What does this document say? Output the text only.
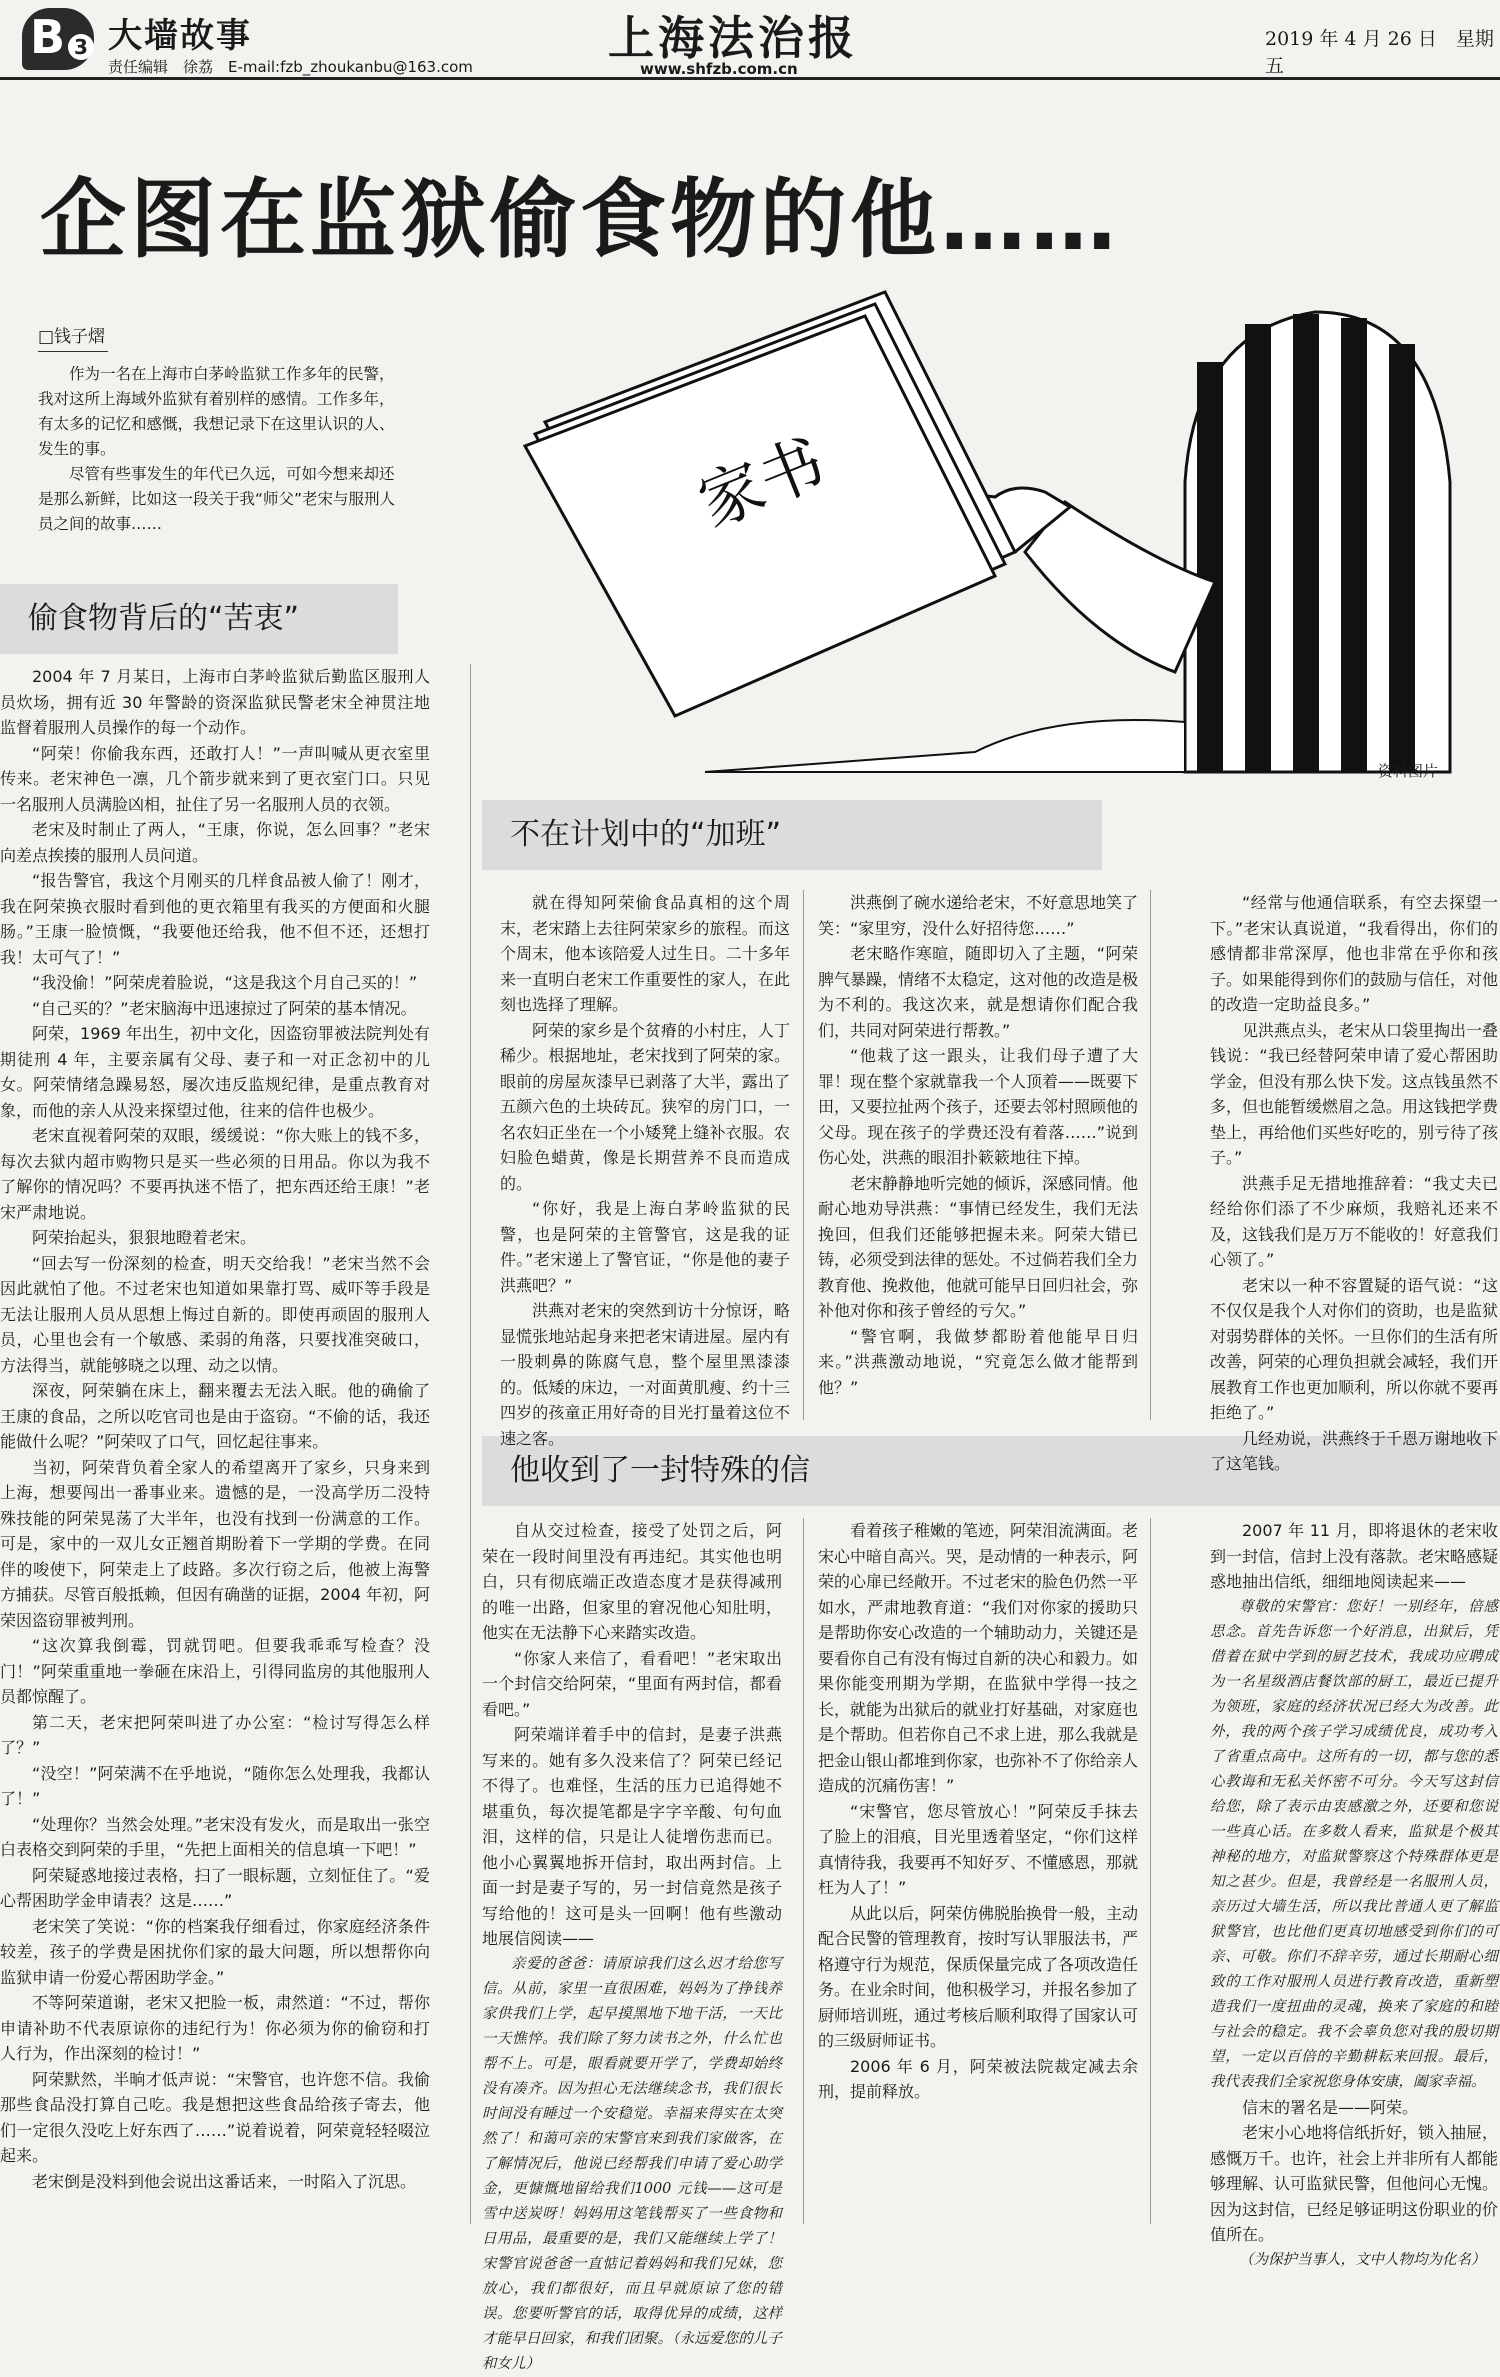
B 3 大墙故事
责任编辑　徐荔　E-mail:fzb_zhoukanbu@163.com
上海法治报
www.shfzb.com.cn
2019 年 4 月 26 日　星期五
企图在监狱偷食物的他……
□钱子熠

作为一名在上海市白茅岭监狱工作多年的民警，我对这所上海域外监狱有着别样的感情。工作多年，有太多的记忆和感慨，我想记录下在这里认识的人、发生的事。

尽管有些事发生的年代已久远，可如今想来却还是那么新鲜，比如这一段关于我“师父”老宋与服刑人员之间的故事……	家书
资料图片
偷食物背后的“苦衷”
不在计划中的“加班”
他收到了一封特殊的信

2004 年 7 月某日，上海市白茅岭监狱后勤监区服刑人员炊场，拥有近 30 年警龄的资深监狱民警老宋全神贯注地监督着服刑人员操作的每一个动作。

“阿荣！你偷我东西，还敢打人！”一声叫喊从更衣室里传来。老宋神色一凛，几个箭步就来到了更衣室门口。只见一名服刑人员满脸凶相，扯住了另一名服刑人员的衣领。

老宋及时制止了两人，“王康，你说，怎么回事？”老宋向差点挨揍的服刑人员问道。

“报告警官，我这个月刚买的几样食品被人偷了！刚才，我在阿荣换衣服时看到他的更衣箱里有我买的方便面和火腿肠。”王康一脸愤慨，“我要他还给我，他不但不还，还想打我！太可气了！”

“我没偷！”阿荣虎着脸说，“这是我这个月自己买的！”

“自己买的？”老宋脑海中迅速掠过了阿荣的基本情况。

阿荣，1969 年出生，初中文化，因盗窃罪被法院判处有期徒刑 4 年，主要亲属有父母、妻子和一对正念初中的儿女。阿荣情绪急躁易怒，屡次违反监规纪律，是重点教育对象，而他的亲人从没来探望过他，往来的信件也极少。

老宋直视着阿荣的双眼，缓缓说：“你大账上的钱不多，每次去狱内超市购物只是买一些必须的日用品。你以为我不了解你的情况吗？不要再执迷不悟了，把东西还给王康！”老宋严肃地说。

阿荣抬起头，狠狠地瞪着老宋。

“回去写一份深刻的检查，明天交给我！”老宋当然不会因此就怕了他。不过老宋也知道如果靠打骂、威吓等手段是无法让服刑人员从思想上悔过自新的。即使再顽固的服刑人员，心里也会有一个敏感、柔弱的角落，只要找准突破口，方法得当，就能够晓之以理、动之以情。

深夜，阿荣躺在床上，翻来覆去无法入眠。他的确偷了王康的食品，之所以吃官司也是由于盗窃。“不偷的话，我还能做什么呢？”阿荣叹了口气，回忆起往事来。

当初，阿荣背负着全家人的希望离开了家乡，只身来到上海，想要闯出一番事业来。遗憾的是，一没高学历二没特殊技能的阿荣晃荡了大半年，也没有找到一份满意的工作。可是，家中的一双儿女正翘首期盼着下一学期的学费。在同伴的唆使下，阿荣走上了歧路。多次行窃之后，他被上海警方捕获。尽管百般抵赖，但因有确凿的证据，2004 年初，阿荣因盗窃罪被判刑。

“这次算我倒霉，罚就罚吧。但要我乖乖写检查？没门！”阿荣重重地一拳砸在床沿上，引得同监房的其他服刑人员都惊醒了。

第二天，老宋把阿荣叫进了办公室：“检讨写得怎么样了？”

“没空！”阿荣满不在乎地说，“随你怎么处理我，我都认了！”

“处理你？当然会处理。”老宋没有发火，而是取出一张空白表格交到阿荣的手里，“先把上面相关的信息填一下吧！”

阿荣疑惑地接过表格，扫了一眼标题，立刻怔住了。“爱心帮困助学金申请表？这是……”

老宋笑了笑说：“你的档案我仔细看过，你家庭经济条件较差，孩子的学费是困扰你们家的最大问题，所以想帮你向监狱申请一份爱心帮困助学金。”

不等阿荣道谢，老宋又把脸一板，肃然道：“不过，帮你申请补助不代表原谅你的违纪行为！你必须为你的偷窃和打人行为，作出深刻的检讨！”

阿荣默然，半晌才低声说：“宋警官，也许您不信。我偷那些食品没打算自己吃。我是想把这些食品给孩子寄去，他们一定很久没吃上好东西了……”说着说着，阿荣竟轻轻啜泣起来。

老宋倒是没料到他会说出这番话来，一时陷入了沉思。

就在得知阿荣偷食品真相的这个周末，老宋踏上去往阿荣家乡的旅程。而这个周末，他本该陪爱人过生日。二十多年来一直明白老宋工作重要性的家人，在此刻也选择了理解。

阿荣的家乡是个贫瘠的小村庄，人丁稀少。根据地址，老宋找到了阿荣的家。眼前的房屋灰漆早已剥落了大半，露出了五颜六色的土块砖瓦。狭窄的房门口，一名农妇正坐在一个小矮凳上缝补衣服。农妇脸色蜡黄，像是长期营养不良而造成的。

“你好，我是上海白茅岭监狱的民警，也是阿荣的主管警官，这是我的证件。”老宋递上了警官证，“你是他的妻子洪燕吧？”

洪燕对老宋的突然到访十分惊讶，略显慌张地站起身来把老宋请进屋。屋内有一股刺鼻的陈腐气息，整个屋里黑漆漆的。低矮的床边，一对面黄肌瘦、约十三四岁的孩童正用好奇的目光打量着这位不速之客。

洪燕倒了碗水递给老宋，不好意思地笑了笑：“家里穷，没什么好招待您……”

老宋略作寒暄，随即切入了主题，“阿荣脾气暴躁，情绪不太稳定，这对他的改造是极为不利的。我这次来，就是想请你们配合我们，共同对阿荣进行帮教。”

“他栽了这一跟头，让我们母子遭了大罪！现在整个家就靠我一个人顶着——既要下田，又要拉扯两个孩子，还要去邻村照顾他的父母。现在孩子的学费还没有着落……”说到伤心处，洪燕的眼泪扑簌簌地往下掉。

老宋静静地听完她的倾诉，深感同情。他耐心地劝导洪燕：“事情已经发生，我们无法挽回，但我们还能够把握未来。阿荣大错已铸，必须受到法律的惩处。不过倘若我们全力教育他、挽救他，他就可能早日回归社会，弥补他对你和孩子曾经的亏欠。”

“警官啊，我做梦都盼着他能早日归来。”洪燕激动地说，“究竟怎么做才能帮到他？”

“经常与他通信联系，有空去探望一下。”老宋认真说道，“我看得出，你们的感情都非常深厚，他也非常在乎你和孩子。如果能得到你们的鼓励与信任，对他的改造一定助益良多。”

见洪燕点头，老宋从口袋里掏出一叠钱说：“我已经替阿荣申请了爱心帮困助学金，但没有那么快下发。这点钱虽然不多，但也能暂缓燃眉之急。用这钱把学费垫上，再给他们买些好吃的，别亏待了孩子。”

洪燕手足无措地推辞着：“我丈夫已经给你们添了不少麻烦，我赔礼还来不及，这钱我们是万万不能收的！好意我们心领了。”

老宋以一种不容置疑的语气说：“这不仅仅是我个人对你们的资助，也是监狱对弱势群体的关怀。一旦你们的生活有所改善，阿荣的心理负担就会减轻，我们开展教育工作也更加顺利，所以你就不要再拒绝了。”

几经劝说，洪燕终于千恩万谢地收下了这笔钱。

自从交过检查，接受了处罚之后，阿荣在一段时间里没有再违纪。其实他也明白，只有彻底端正改造态度才是获得减刑的唯一出路，但家里的窘况他心知肚明，他实在无法静下心来踏实改造。

“你家人来信了，看看吧！”老宋取出一个封信交给阿荣，“里面有两封信，都看看吧。”

阿荣端详着手中的信封，是妻子洪燕写来的。她有多久没来信了？阿荣已经记不得了。也难怪，生活的压力已追得她不堪重负，每次提笔都是字字辛酸、句句血泪，这样的信，只是让人徒增伤悲而已。他小心翼翼地拆开信封，取出两封信。上面一封是妻子写的，另一封信竟然是孩子写给他的！这可是头一回啊！他有些激动地展信阅读——

亲爱的爸爸：请原谅我们这么迟才给您写信。从前，家里一直很困难，妈妈为了挣钱养家供我们上学，起早摸黑地下地干活，一天比一天憔悴。我们除了努力读书之外，什么忙也帮不上。可是，眼看就要开学了，学费却始终没有凑齐。因为担心无法继续念书，我们很长时间没有睡过一个安稳觉。幸福来得实在太突然了！和蔼可亲的宋警官来到我们家做客，在了解情况后，他说已经帮我们申请了爱心助学金，更慷慨地留给我们1000 元钱——这可是雪中送炭呀！妈妈用这笔钱帮买了一些食物和日用品，最重要的是，我们又能继续上学了！宋警官说爸爸一直惦记着妈妈和我们兄妹，您放心，我们都很好，而且早就原谅了您的错误。您要听警官的话，取得优异的成绩，这样才能早日回家，和我们团聚。（永远爱您的儿子和女儿）

看着孩子稚嫩的笔迹，阿荣泪流满面。老宋心中暗自高兴。哭，是动情的一种表示，阿荣的心扉已经敞开。不过老宋的脸色仍然一平如水，严肃地教育道：“我们对你家的援助只是帮助你安心改造的一个辅助动力，关键还是要看你自己有没有悔过自新的决心和毅力。如果你能变刑期为学期，在监狱中学得一技之长，就能为出狱后的就业打好基础，对家庭也是个帮助。但若你自己不求上进，那么我就是把金山银山都堆到你家，也弥补不了你给亲人造成的沉痛伤害！”

“宋警官，您尽管放心！”阿荣反手抹去了脸上的泪痕，目光里透着坚定，“你们这样真情待我，我要再不知好歹、不懂感恩，那就枉为人了！”

从此以后，阿荣仿佛脱胎换骨一般，主动配合民警的管理教育，按时写认罪服法书，严格遵守行为规范，保质保量完成了各项改造任务。在业余时间，他积极学习，并报名参加了厨师培训班，通过考核后顺利取得了国家认可的三级厨师证书。

2006 年 6 月，阿荣被法院裁定减去余刑，提前释放。

2007 年 11 月，即将退休的老宋收到一封信，信封上没有落款。老宋略感疑惑地抽出信纸，细细地阅读起来——

尊敬的宋警官：您好！一别经年，倍感思念。首先告诉您一个好消息，出狱后，凭借着在狱中学到的厨艺技术，我成功应聘成为一名星级酒店餐饮部的厨工，最近已提升为领班，家庭的经济状况已经大为改善。此外，我的两个孩子学习成绩优良，成功考入了省重点高中。这所有的一切，都与您的悉心教诲和无私关怀密不可分。今天写这封信给您，除了表示由衷感激之外，还要和您说一些真心话。在多数人看来，监狱是个极其神秘的地方，对监狱警察这个特殊群体更是知之甚少。但是，我曾经是一名服刑人员，亲历过大墙生活，所以我比普通人更了解监狱警官，也比他们更真切地感受到你们的可亲、可敬。你们不辞辛劳，通过长期耐心细致的工作对服刑人员进行教育改造，重新塑造我们一度扭曲的灵魂，换来了家庭的和睦与社会的稳定。我不会辜负您对我的殷切期望，一定以百倍的辛勤耕耘来回报。最后，我代表我们全家祝您身体安康，阖家幸福。

信末的署名是——阿荣。

老宋小心地将信纸折好，锁入抽屉，感慨万千。也许，社会上并非所有人都能够理解、认可监狱民警，但他问心无愧。因为这封信，已经足够证明这份职业的价值所在。

（为保护当事人，文中人物均为化名）
